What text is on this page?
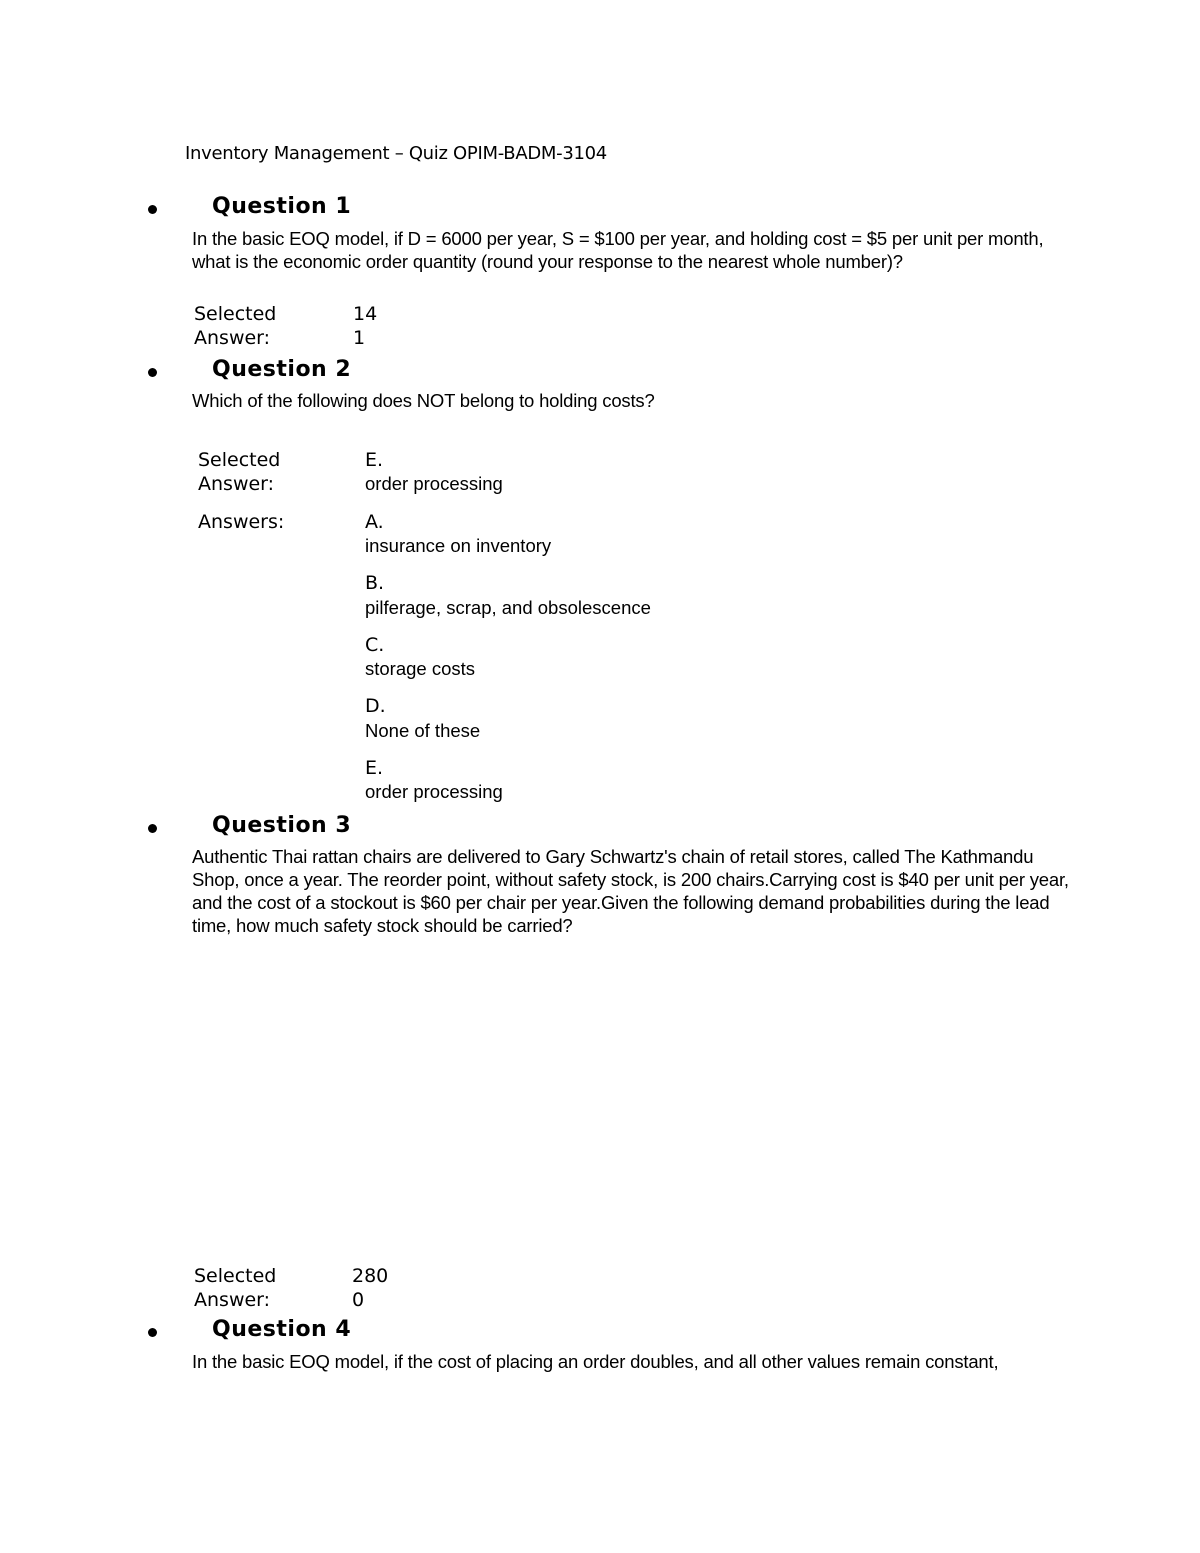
Inventory Management – Quiz OPIM-BADM-3104
Question 1
In the basic EOQ model, if D = 6000 per year, S = $100 per year, and holding cost = $5 per unit per month, what is the economic order quantity (round your response to the nearest whole number)?
Selected
Answer:
14
1
Question 2
Which of the following does NOT belong to holding costs?
Selected
Answer:
E.
order processing
Answers:	A.
insurance on inventory
B.
pilferage, scrap, and obsolescence
C.
storage costs
D.
None of these
E.
order processing
Question 3
Authentic Thai rattan chairs are delivered to Gary Schwartz's chain of retail stores, called The Kathmandu Shop, once a year. The reorder point, without safety stock, is 200 chairs.Carrying cost is $40 per unit per year, and the cost of a stockout is $60 per chair per year.Given the following demand probabilities during the lead time, how much safety stock should be carried?
Selected
Answer:
280
0
Question 4
In the basic EOQ model, if the cost of placing an order doubles, and all other values remain constant,
